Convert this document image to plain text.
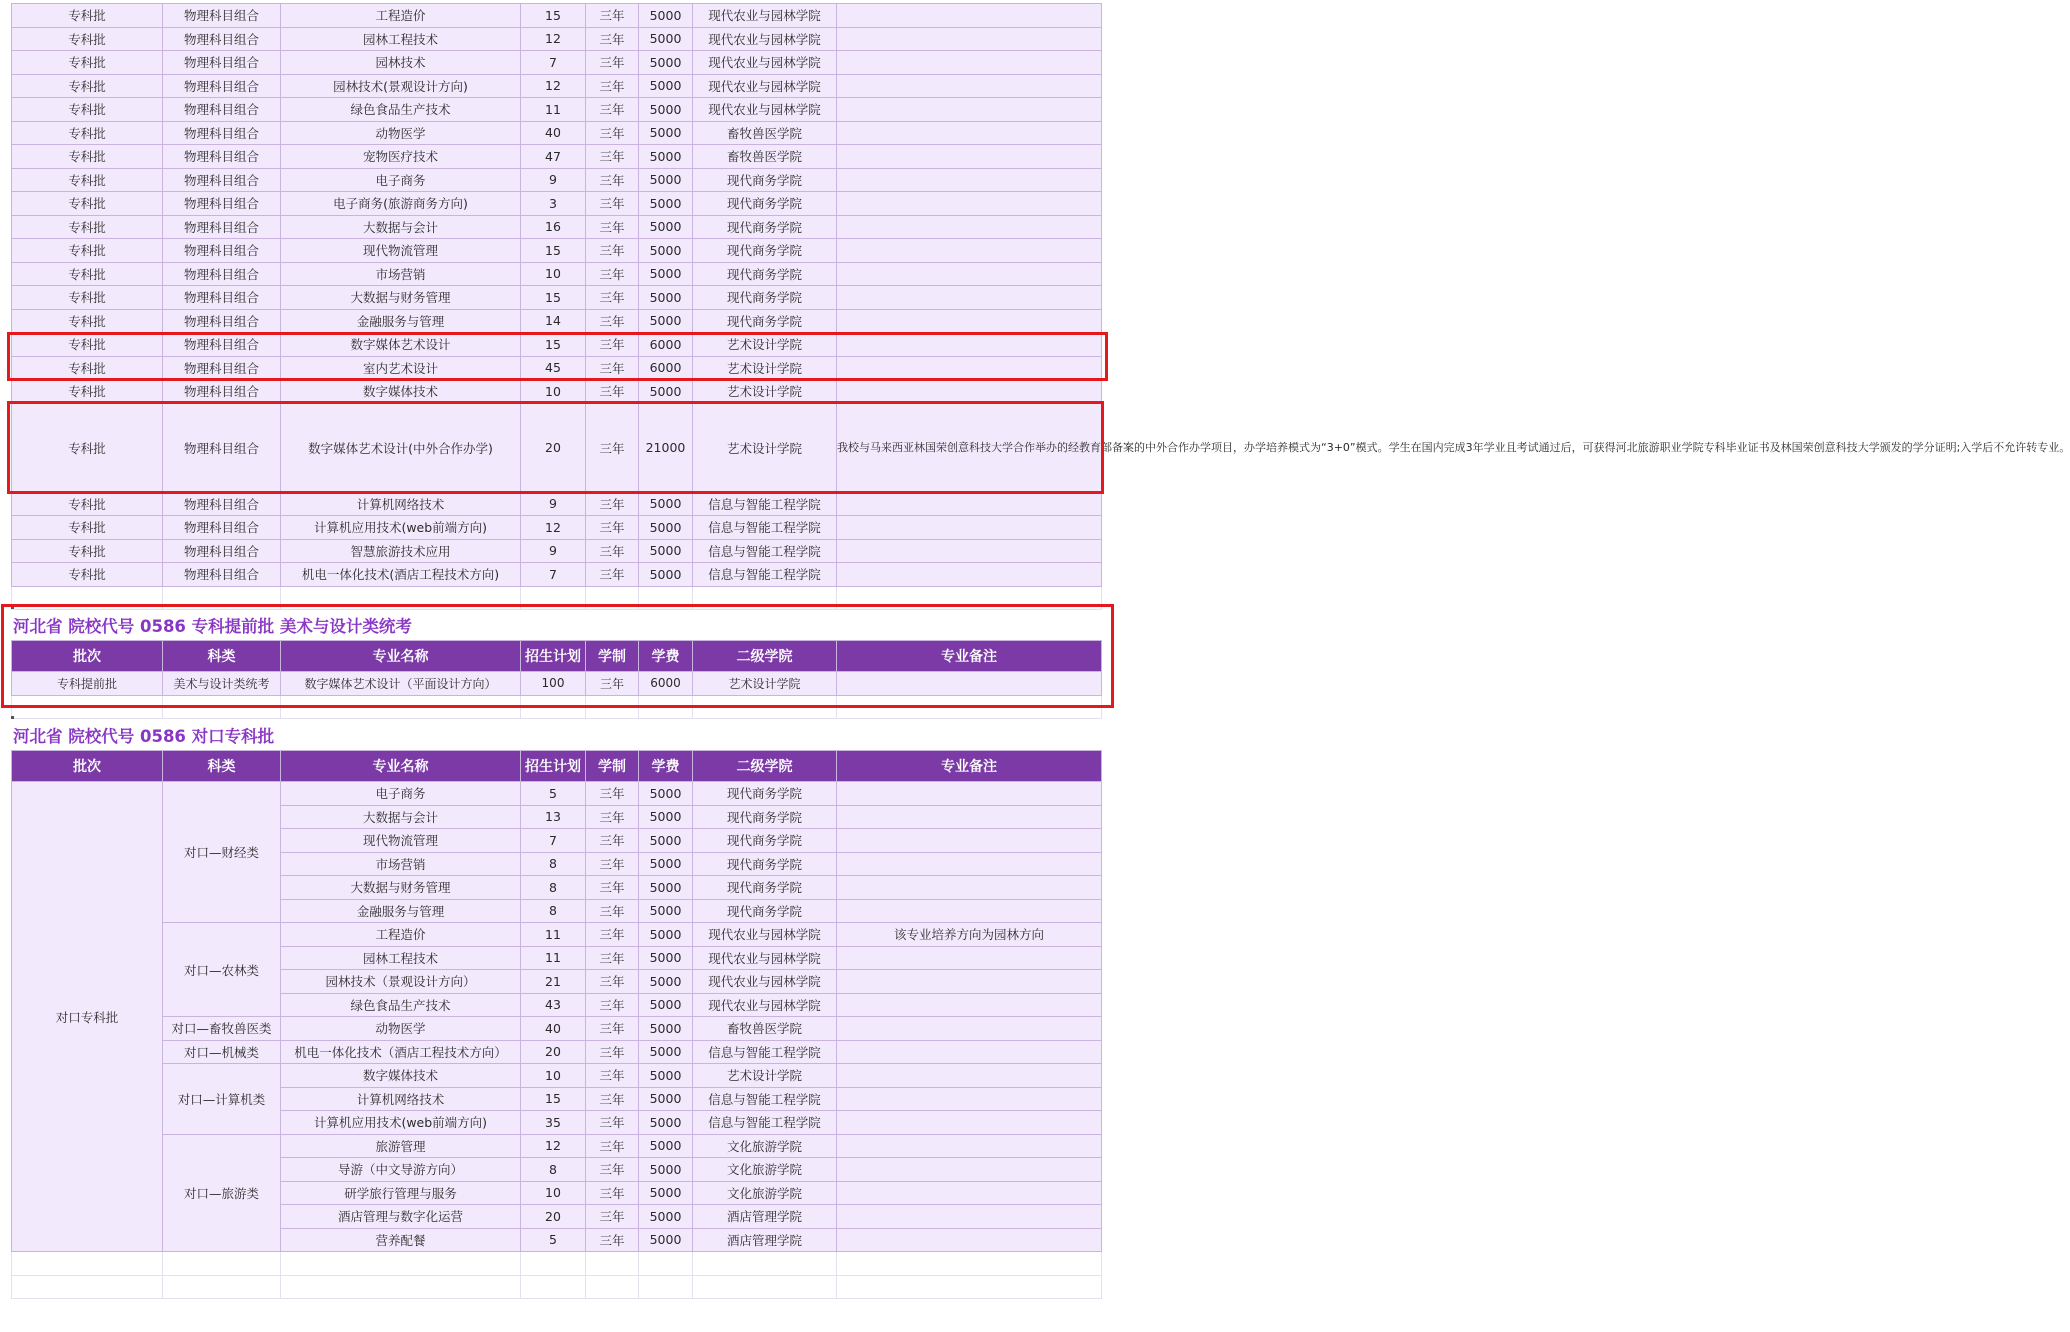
专科批	物理科目组合	工程造价	15	三年	5000	现代农业与园林学院	
专科批	物理科目组合	园林工程技术	12	三年	5000	现代农业与园林学院	
专科批	物理科目组合	园林技术	7	三年	5000	现代农业与园林学院	
专科批	物理科目组合	园林技术(景观设计方向)	12	三年	5000	现代农业与园林学院	
专科批	物理科目组合	绿色食品生产技术	11	三年	5000	现代农业与园林学院	
专科批	物理科目组合	动物医学	40	三年	5000	畜牧兽医学院	
专科批	物理科目组合	宠物医疗技术	47	三年	5000	畜牧兽医学院	
专科批	物理科目组合	电子商务	9	三年	5000	现代商务学院	
专科批	物理科目组合	电子商务(旅游商务方向)	3	三年	5000	现代商务学院	
专科批	物理科目组合	大数据与会计	16	三年	5000	现代商务学院	
专科批	物理科目组合	现代物流管理	15	三年	5000	现代商务学院	
专科批	物理科目组合	市场营销	10	三年	5000	现代商务学院	
专科批	物理科目组合	大数据与财务管理	15	三年	5000	现代商务学院	
专科批	物理科目组合	金融服务与管理	14	三年	5000	现代商务学院	
专科批	物理科目组合	数字媒体艺术设计	15	三年	6000	艺术设计学院	
专科批	物理科目组合	室内艺术设计	45	三年	6000	艺术设计学院	
专科批	物理科目组合	数字媒体技术	10	三年	5000	艺术设计学院	
专科批	物理科目组合	数字媒体艺术设计(中外合作办学)	20	三年	21000	艺术设计学院	我校与马来西亚林国荣创意科技大学合作举办的经教育部备案的中外合作办学项目，办学培养模式为“3+0”模式。学生在国内完成3年学业且考试通过后，可获得河北旅游职业学院专科毕业证书及林国荣创意科技大学颁发的学分证明;入学后不允许转专业。
专科批	物理科目组合	计算机网络技术	9	三年	5000	信息与智能工程学院	
专科批	物理科目组合	计算机应用技术(web前端方向)	12	三年	5000	信息与智能工程学院	
专科批	物理科目组合	智慧旅游技术应用	9	三年	5000	信息与智能工程学院	
专科批	物理科目组合	机电一体化技术(酒店工程技术方向)	7	三年	5000	信息与智能工程学院	

河北省 院校代号 0586 专科提前批 美术与设计类统考
批次	科类	专业名称	招生计划	学制	学费	二级学院	专业备注
专科提前批	美术与设计类统考	数字媒体艺术设计（平面设计方向）	100	三年	6000	艺术设计学院	

河北省 院校代号 0586 对口专科批
批次	科类	专业名称	招生计划	学制	学费	二级学院	专业备注
对口专科批	对口—财经类	电子商务	5	三年	5000	现代商务学院	
		大数据与会计	13	三年	5000	现代商务学院	
		现代物流管理	7	三年	5000	现代商务学院	
		市场营销	8	三年	5000	现代商务学院	
		大数据与财务管理	8	三年	5000	现代商务学院	
		金融服务与管理	8	三年	5000	现代商务学院	
	对口—农林类	工程造价	11	三年	5000	现代农业与园林学院	该专业培养方向为园林方向
		园林工程技术	11	三年	5000	现代农业与园林学院	
		园林技术（景观设计方向）	21	三年	5000	现代农业与园林学院	
		绿色食品生产技术	43	三年	5000	现代农业与园林学院	
	对口—畜牧兽医类	动物医学	40	三年	5000	畜牧兽医学院	
	对口—机械类	机电一体化技术（酒店工程技术方向）	20	三年	5000	信息与智能工程学院	
	对口—计算机类	数字媒体技术	10	三年	5000	艺术设计学院	
		计算机网络技术	15	三年	5000	信息与智能工程学院	
		计算机应用技术(web前端方向)	35	三年	5000	信息与智能工程学院	
	对口—旅游类	旅游管理	12	三年	5000	文化旅游学院	
		导游（中文导游方向）	8	三年	5000	文化旅游学院	
		研学旅行管理与服务	10	三年	5000	文化旅游学院	
		酒店管理与数字化运营	20	三年	5000	酒店管理学院	
		营养配餐	5	三年	5000	酒店管理学院	
